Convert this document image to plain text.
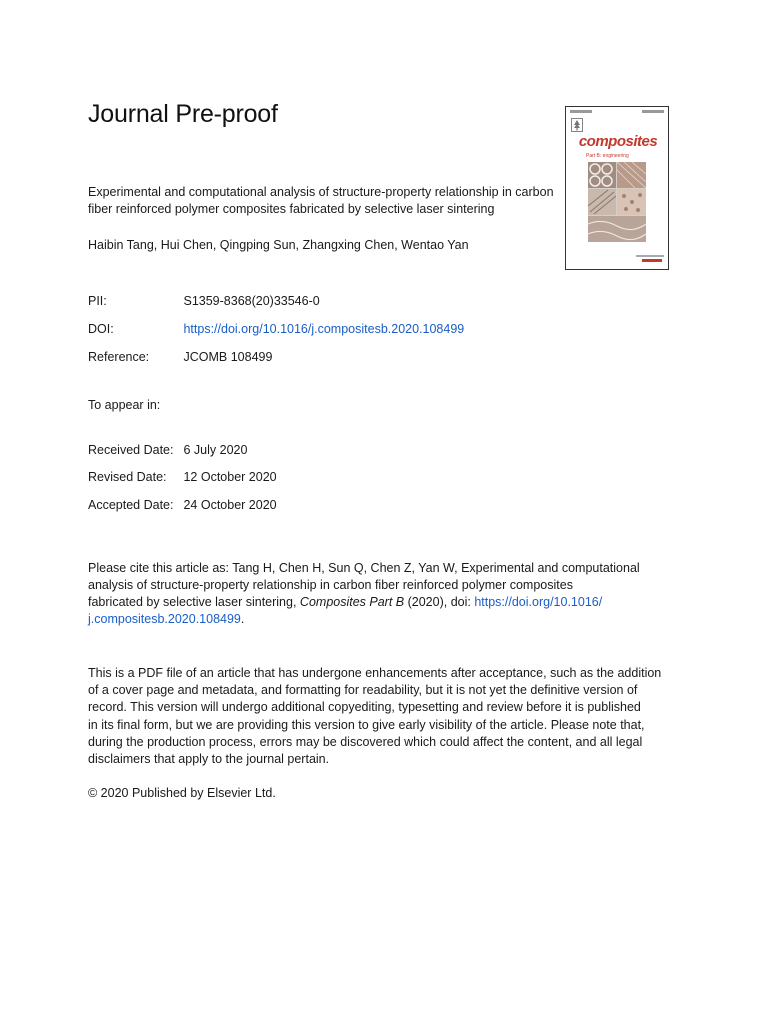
Journal Pre-proof
composites
Part B: engineering
Experimental and computational analysis of structure-property relationship in carbon
fiber reinforced polymer composites fabricated by selective laser sintering
Haibin Tang, Hui Chen, Qingping Sun, Zhangxing Chen, Wentao Yan
PII:	S1359-8368(20)33546-0
DOI:	https://doi.org/10.1016/j.compositesb.2020.108499
Reference:	JCOMB 108499
To appear in:
Received Date: 6 July 2020
Revised Date: 12 October 2020
Accepted Date: 24 October 2020
Please cite this article as: Tang H, Chen H, Sun Q, Chen Z, Yan W, Experimental and computational
analysis of structure-property relationship in carbon fiber reinforced polymer composites
fabricated by selective laser sintering, Composites Part B (2020), doi: https://doi.org/10.1016/
j.compositesb.2020.108499.
This is a PDF file of an article that has undergone enhancements after acceptance, such as the addition
of a cover page and metadata, and formatting for readability, but it is not yet the definitive version of
record. This version will undergo additional copyediting, typesetting and review before it is published
in its final form, but we are providing this version to give early visibility of the article. Please note that,
during the production process, errors may be discovered which could affect the content, and all legal
disclaimers that apply to the journal pertain.
© 2020 Published by Elsevier Ltd.
